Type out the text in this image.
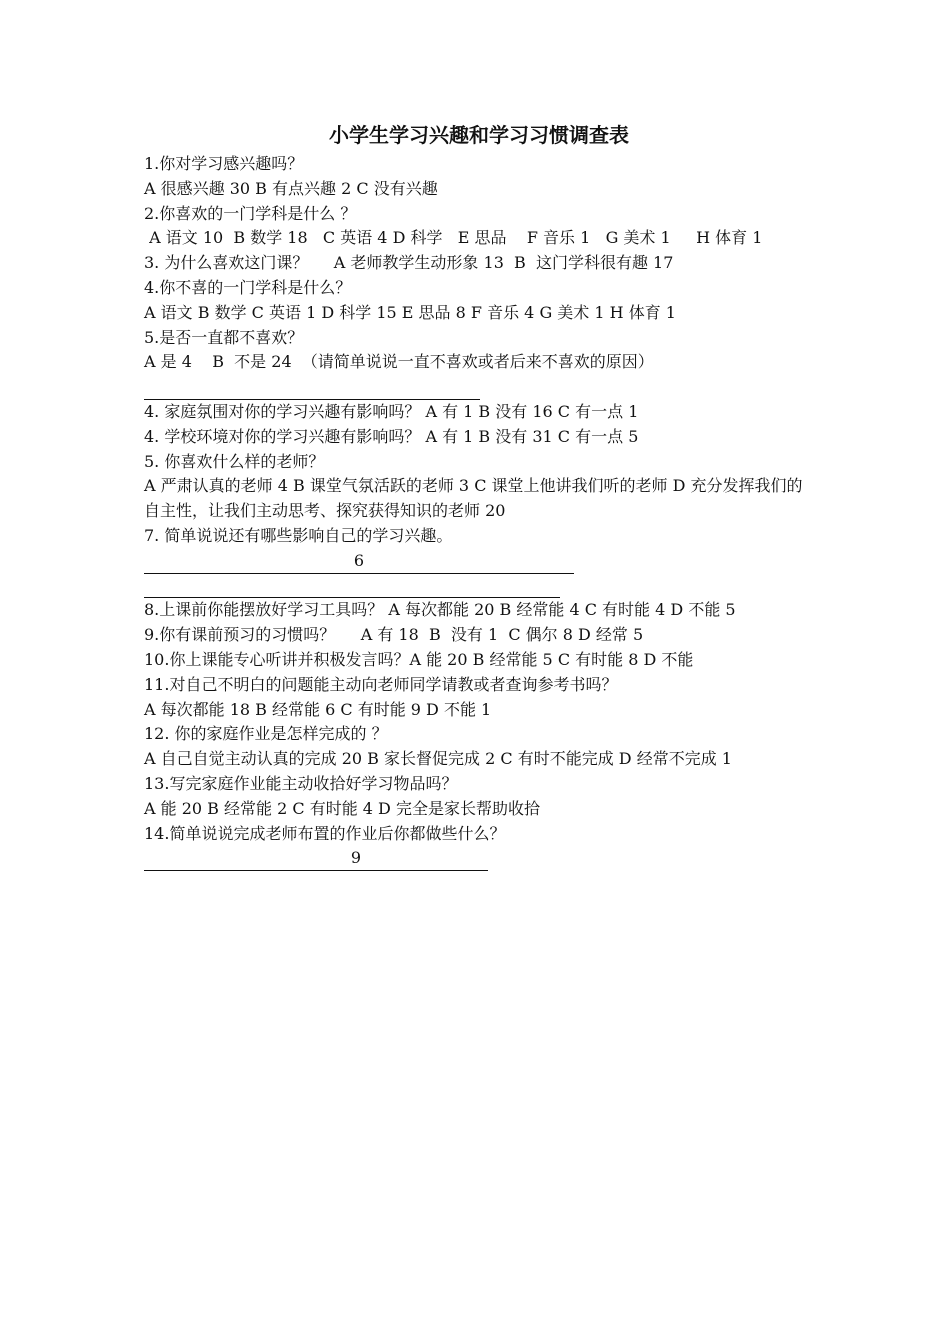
小学生学习兴趣和学习习惯调查表

1.你对学习感兴趣吗？

A 很感兴趣 30 B 有点兴趣 2 C 没有兴趣

2.你喜欢的一门学科是什么 ？

A 语文 10  B 数学 18   C 英语 4 D 科学   E 思品    F 音乐 1   G 美术 1     H 体育 1

3. 为什么喜欢这门课？     A 老师教学生动形象 13  B  这门学科很有趣 17

4.你不喜的一门学科是什么？

A 语文 B 数学 C 英语 1 D 科学 15 E 思品 8 F 音乐 4 G 美术 1 H 体育 1

5.是否一直都不喜欢？

A 是 4    B  不是 24  （请简单说说一直不喜欢或者后来不喜欢的原因）

4. 家庭氛围对你的学习兴趣有影响吗？ A 有 1 B 没有 16 C 有一点 1

4. 学校环境对你的学习兴趣有影响吗？ A 有 1 B 没有 31 C 有一点 5

5. 你喜欢什么样的老师？

A 严肃认真的老师 4 B 课堂气氛活跃的老师 3 C 课堂上他讲我们听的老师 D 充分发挥我们的自主性，让我们主动思考、探究获得知识的老师 20

7. 简单说说还有哪些影响自己的学习兴趣。

6

8.上课前你能摆放好学习工具吗？ A 每次都能 20 B 经常能 4 C 有时能 4 D 不能 5

9.你有课前预习的习惯吗？     A 有 18  B  没有 1  C 偶尔 8 D 经常 5

10.你上课能专心听讲并积极发言吗？A 能 20 B 经常能 5 C 有时能 8 D 不能

11.对自己不明白的问题能主动向老师同学请教或者查询参考书吗？

A 每次都能 18 B 经常能 6 C 有时能 9 D 不能 1

12. 你的家庭作业是怎样完成的 ？

A 自己自觉主动认真的完成 20 B 家长督促完成 2 C 有时不能完成 D 经常不完成 1

13.写完家庭作业能主动收拾好学习物品吗？

A 能 20 B 经常能 2 C 有时能 4 D 完全是家长帮助收拾

14.简单说说完成老师布置的作业后你都做些什么？

9
